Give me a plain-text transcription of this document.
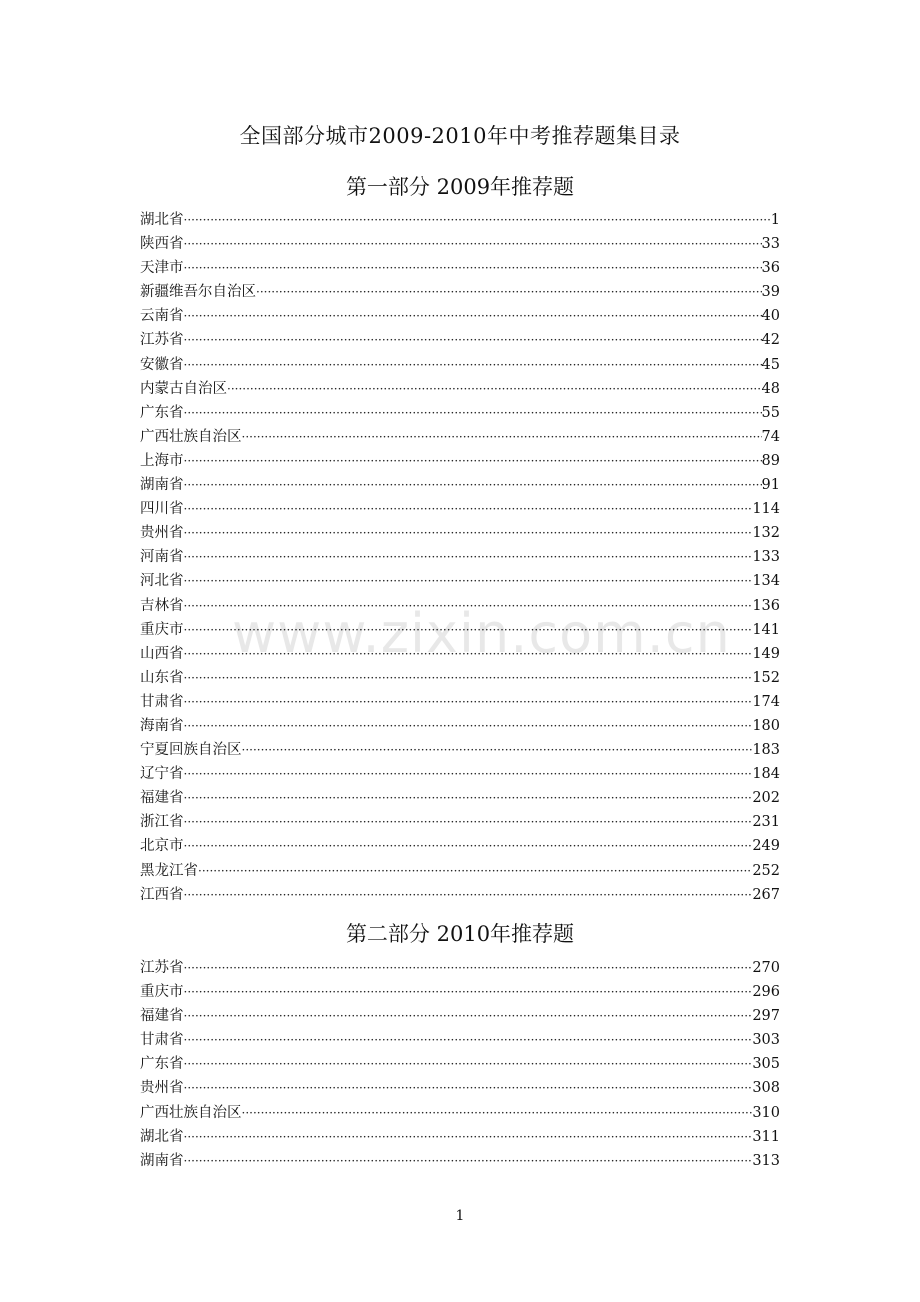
全国部分城市2009-2010年中考推荐题集目录
第一部分 2009年推荐题
湖北省 ·····	1
陕西省 ·····	33
天津市 ·····	36
新疆维吾尔自治区 ·····	39
云南省 ·····	40
江苏省 ·····	42
安徽省 ·····	45
内蒙古自治区 ·····	48
广东省 ·····	55
广西壮族自治区 ·····	74
上海市 ·····	89
湖南省 ·····	91
四川省 ·····	114
贵州省 ·····	132
河南省 ·····	133
河北省 ·····	134
吉林省 ·····	136
重庆市 ·····	141
山西省 ·····	149
山东省 ·····	152
甘肃省 ·····	174
海南省 ·····	180
宁夏回族自治区 ·····	183
辽宁省 ·····	184
福建省 ·····	202
浙江省 ·····	231
北京市 ·····	249
黑龙江省 ·····	252
江西省 ·····	267
第二部分 2010年推荐题
江苏省 ·····	270
重庆市 ·····	296
福建省 ·····	297
甘肃省 ·····	303
广东省 ·····	305
贵州省 ·····	308
广西壮族自治区 ·····	310
湖北省 ·····	311
湖南省 ·····	313
www.zixin.com.cn
1
